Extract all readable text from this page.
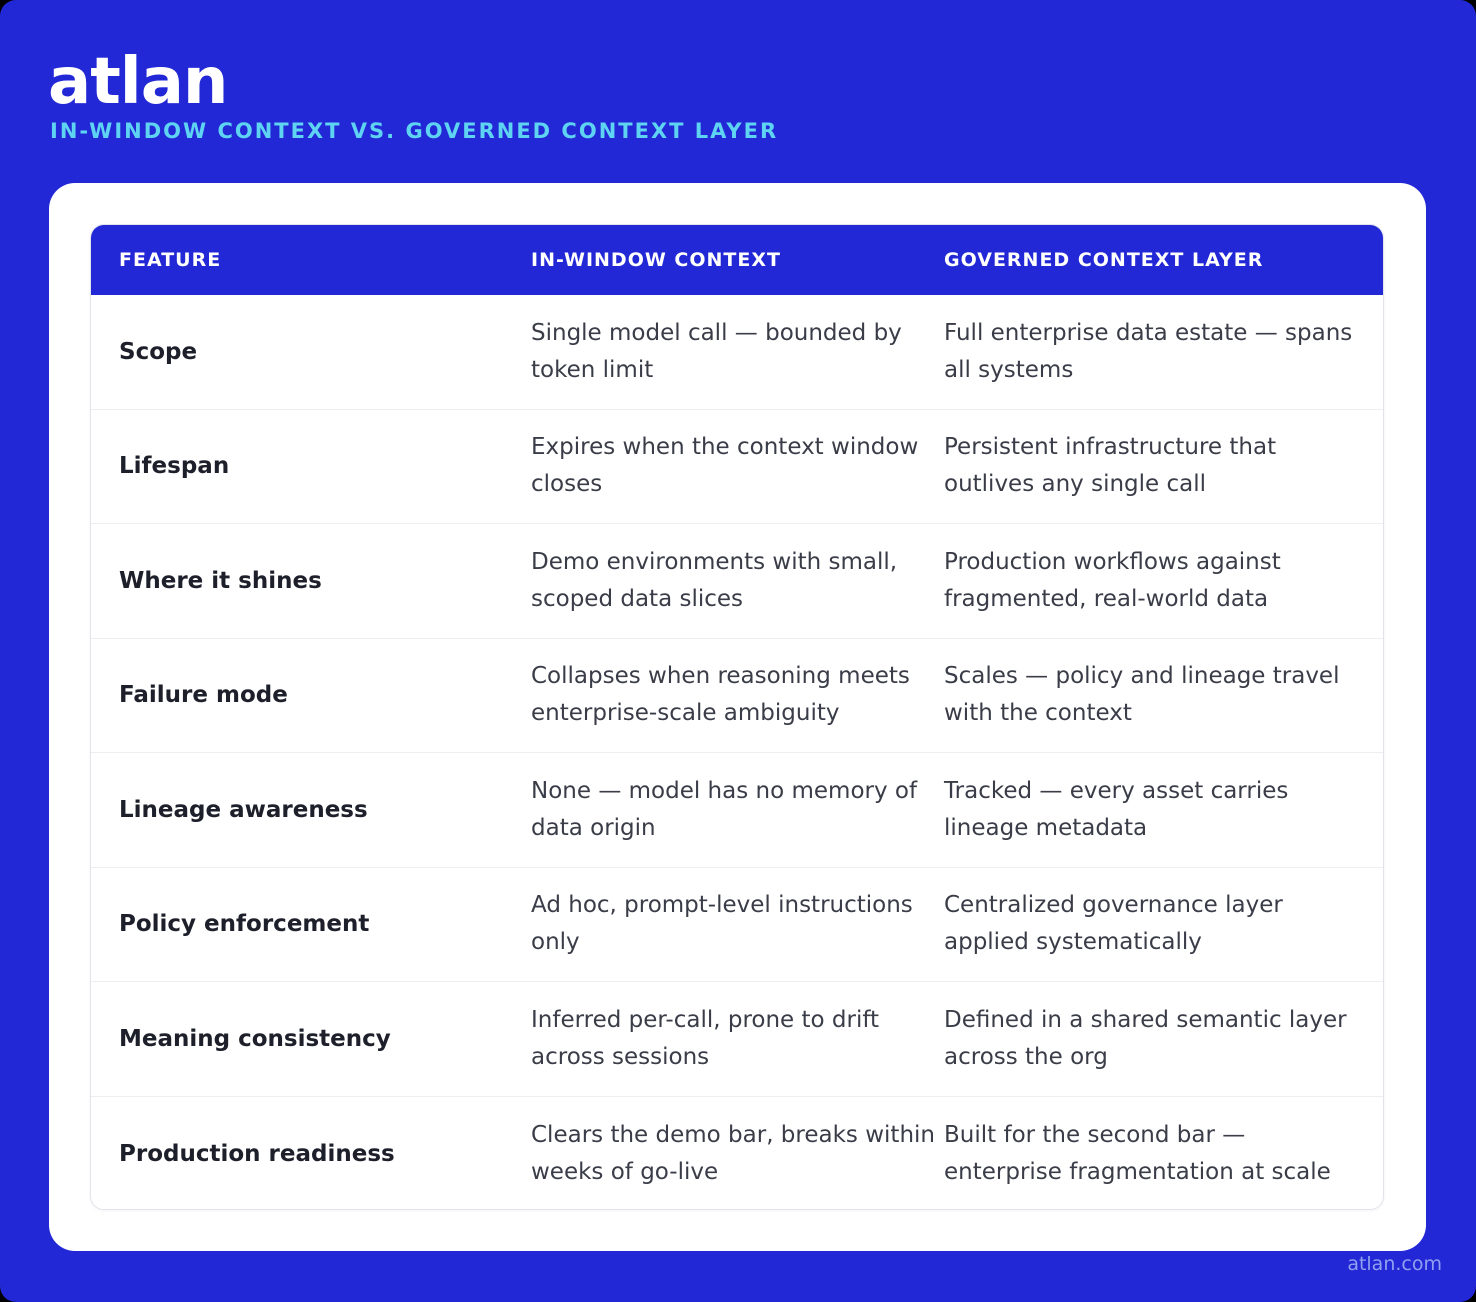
atlan
IN-WINDOW CONTEXT VS. GOVERNED CONTEXT LAYER
FEATURE	IN-WINDOW CONTEXT	GOVERNED CONTEXT LAYER
Scope
Single model call — bounded by token limit
Full enterprise data estate — spans all systems
Lifespan
Expires when the context window closes
Persistent infrastructure that outlives any single call
Where it shines
Demo environments with small, scoped data slices
Production workflows against fragmented, real-world data
Failure mode
Collapses when reasoning meets enterprise-scale ambiguity
Scales — policy and lineage travel with the context
Lineage awareness
None — model has no memory of data origin
Tracked — every asset carries lineage metadata
Policy enforcement
Ad hoc, prompt-level instructions only
Centralized governance layer applied systematically
Meaning consistency
Inferred per-call, prone to drift across sessions
Defined in a shared semantic layer across the org
Production readiness
Clears the demo bar, breaks within weeks of go-live
Built for the second bar — enterprise fragmentation at scale
atlan.com
